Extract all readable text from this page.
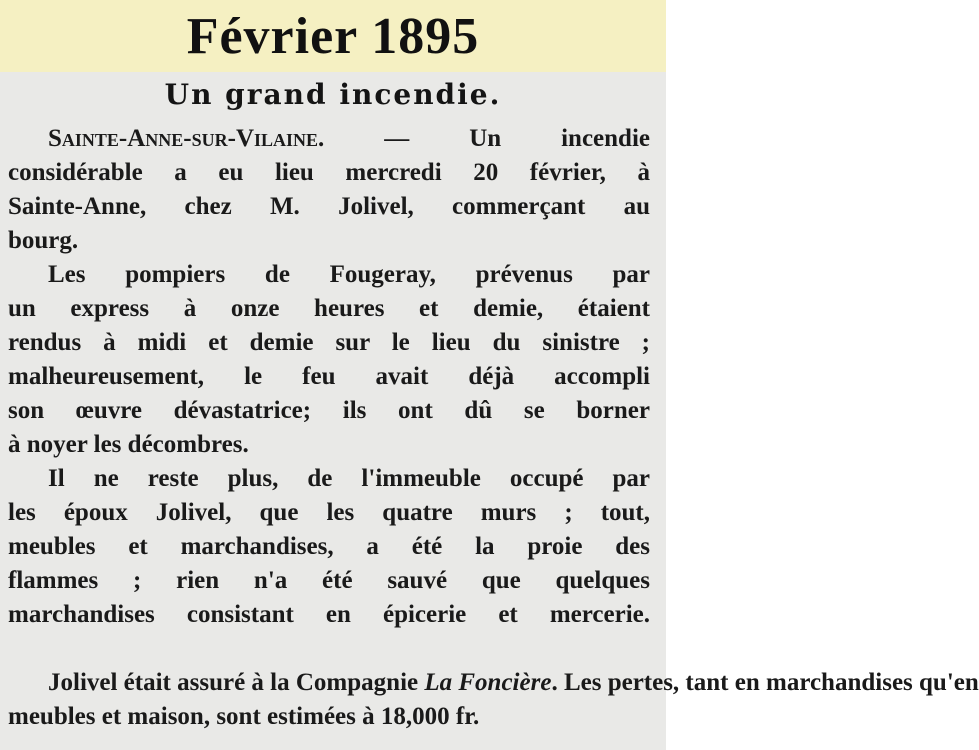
Février 1895
Un grand incendie.
Sainte-Anne-sur-Vilaine. — Un incendie
considérable a eu lieu mercredi 20 février, à
Sainte-Anne, chez M. Jolivel, commerçant au
bourg.
Les pompiers de Fougeray, prévenus par
un express à onze heures et demie, étaient
rendus à midi et demie sur le lieu du sinistre ;
malheureusement, le feu avait déjà accompli
son œuvre dévastatrice; ils ont dû se borner
à noyer les décombres.
Il ne reste plus, de l'immeuble occupé par
les époux Jolivel, que les quatre murs ; tout,
meubles et marchandises, a été la proie des
flammes ; rien n'a été sauvé que quelques
marchandises consistant en épicerie et mercerie.
Jolivel était assuré à la Compagnie La Foncière. Les pertes, tant en marchandises qu'en
meubles et maison, sont estimées à 18,000 fr.
